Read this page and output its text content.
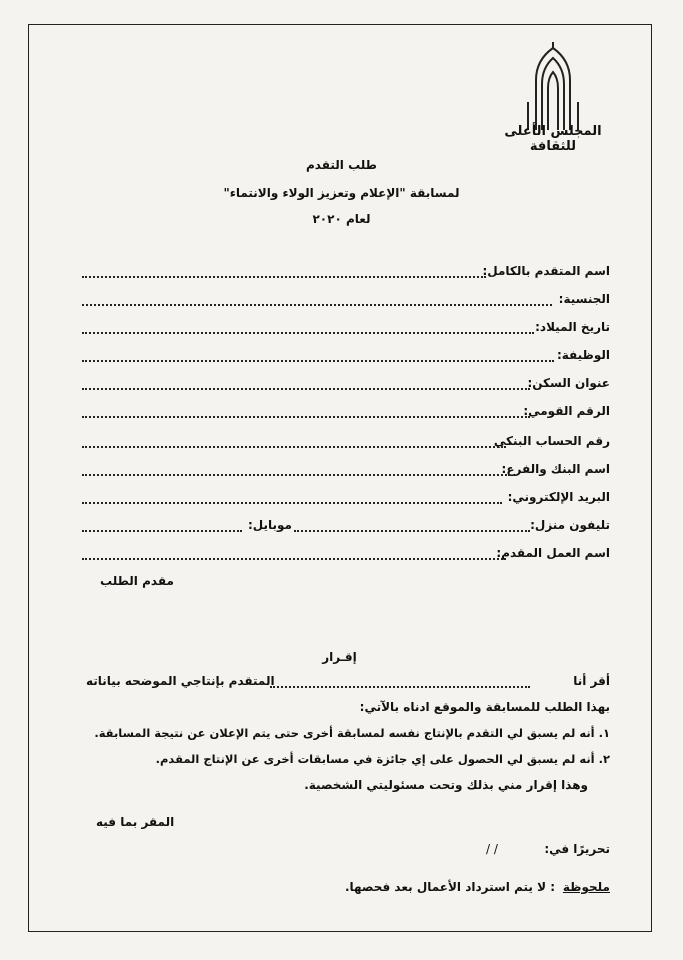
المجلس الأعلى للثقافة
طلب التقدم
لمسابقة "الإعلام وتعزيز الولاء والانتماء"
لعام ٢٠٢٠
اسم المتقدم بالكامل:
الجنسية:
تاريخ الميلاد:
الوظيفة:
عنوان السكن:
الرقم القومي:
رقم الحساب البنكي
اسم البنك والفرع:
البريد الإلكتروني:
تليفون منزل:
موبايل:
اسم العمل المقدم:
مقدم الطلب
إقـرار
أقر أنا
المتقدم بإنتاجي الموضحه بياناته
بهذا الطلب للمسابقة والموقع ادناه بالآتي:
١. أنه لم يسبق لي التقدم بالإنتاج نفسه لمسابقة أخرى حتى يتم الإعلان عن نتيجة المسابقة.
٢. أنه لم يسبق لي الحصول على إي جائزة في مسابقات أخرى عن الإنتاج المقدم.
وهذا إقرار مني بذلك وتحت مسئوليتي الشخصية.
المقر بما فيه
تحريرًا في:
/ /
ملحوظة
: لا يتم استرداد الأعمال بعد فحصها.
